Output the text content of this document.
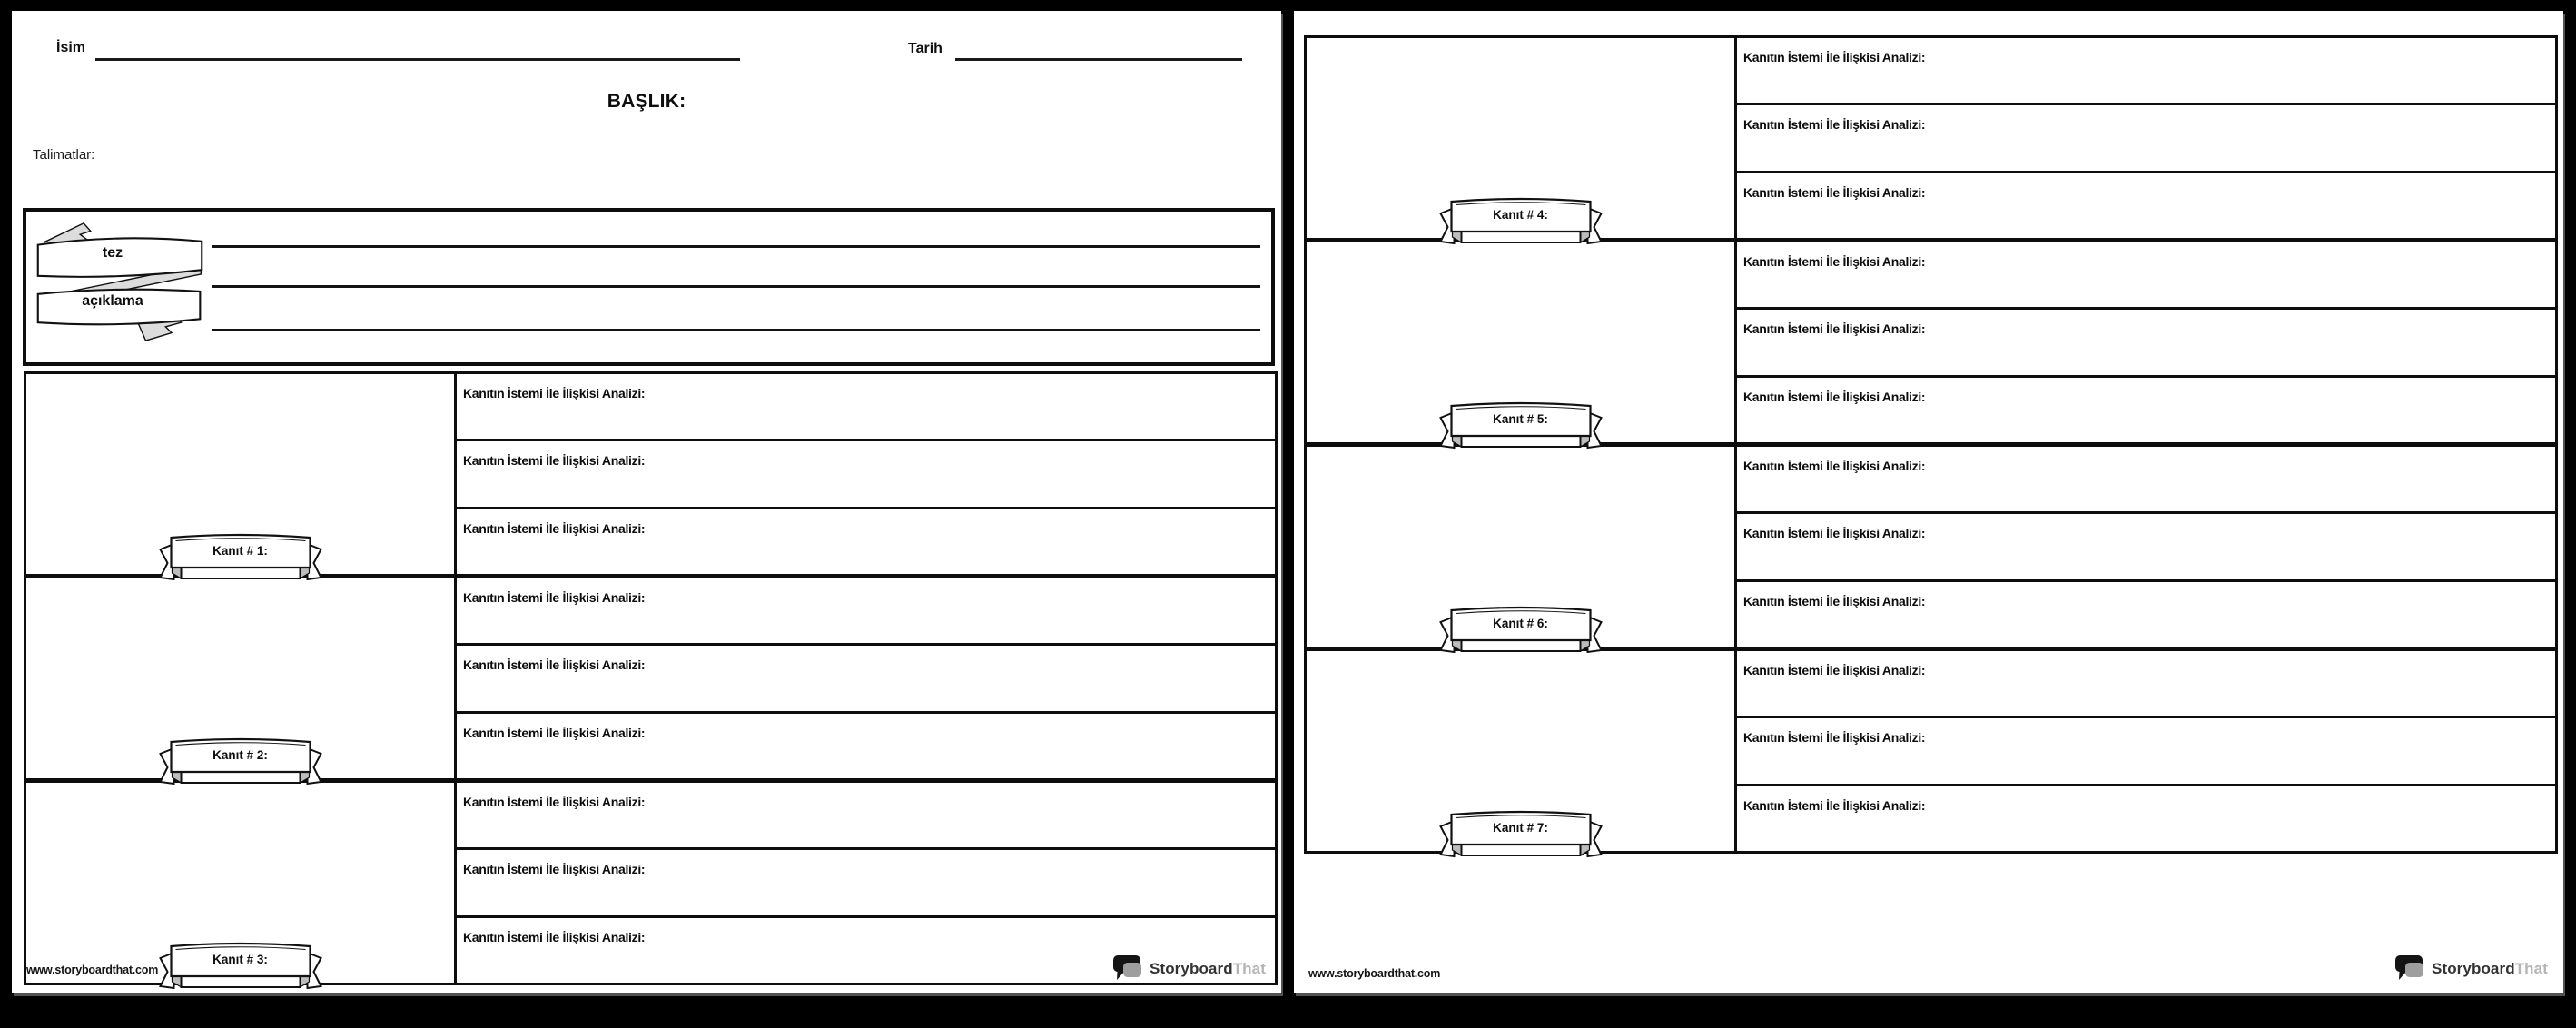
İsim	Tarih
BAŞLIK:
Talimatlar:
tez
açıklama
Kanıt # 1:
Kanıtın İstemi İle İlişkisi Analizi:
Kanıtın İstemi İle İlişkisi Analizi:
Kanıtın İstemi İle İlişkisi Analizi:
Kanıt # 2:
Kanıtın İstemi İle İlişkisi Analizi:
Kanıtın İstemi İle İlişkisi Analizi:
Kanıtın İstemi İle İlişkisi Analizi:
Kanıt # 3:
Kanıtın İstemi İle İlişkisi Analizi:
Kanıtın İstemi İle İlişkisi Analizi:
Kanıtın İstemi İle İlişkisi Analizi:
www.storyboardthat.com	StoryboardThat
Kanıt # 4:
Kanıtın İstemi İle İlişkisi Analizi:
Kanıtın İstemi İle İlişkisi Analizi:
Kanıtın İstemi İle İlişkisi Analizi:
Kanıt # 5:
Kanıtın İstemi İle İlişkisi Analizi:
Kanıtın İstemi İle İlişkisi Analizi:
Kanıtın İstemi İle İlişkisi Analizi:
Kanıt # 6:
Kanıtın İstemi İle İlişkisi Analizi:
Kanıtın İstemi İle İlişkisi Analizi:
Kanıtın İstemi İle İlişkisi Analizi:
Kanıt # 7:
Kanıtın İstemi İle İlişkisi Analizi:
Kanıtın İstemi İle İlişkisi Analizi:
Kanıtın İstemi İle İlişkisi Analizi:
www.storyboardthat.com	StoryboardThat
